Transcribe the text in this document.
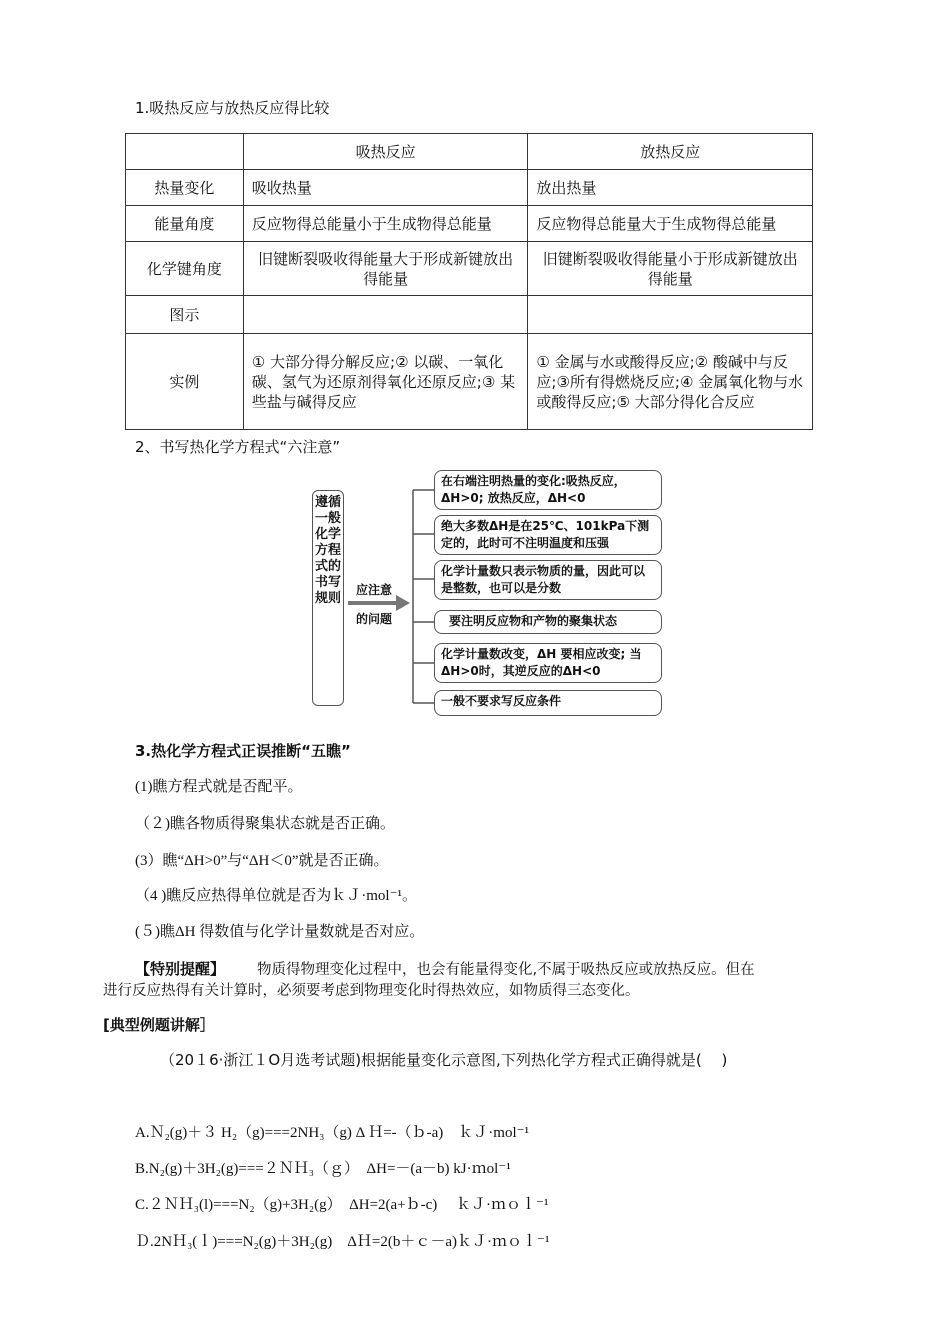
1.吸热反应与放热反应得比较
	吸热反应	放热反应
热量变化	吸收热量	放出热量
能量角度	反应物得总能量小于生成物得总能量	反应物得总能量大于生成物得总能量
化学键角度	旧键断裂吸收得能量大于形成新键放出得能量	旧键断裂吸收得能量小于形成新键放出得能量
图示		
实例	① 大部分得分解反应;② 以碳、一氧化碳、氢气为还原剂得氧化还原反应;③ 某些盐与碱得反应	① 金属与水或酸得反应;② 酸碱中与反应;③所有得燃烧反应;④ 金属氧化物与水或酸得反应;⑤ 大部分得化合反应
2、书写热化学方程式“六注意”
遵循一般化学方程式的书写规则
应注意
的问题
在右端注明热量的变化:吸热反应，ΔH>0; 放热反应，ΔH<0
绝大多数ΔH是在25℃、101kPa下测定的，此时可不注明温度和压强
化学计量数只表示物质的量，因此可以是整数，也可以是分数
要注明反应物和产物的聚集状态
化学计量数改变，ΔH 要相应改变; 当ΔH>0时，其逆反应的ΔH<0
一般不要求写反应条件
3.热化学方程式正误推断“五瞧”
(1)瞧方程式就是否配平。
（２)瞧各物质得聚集状态就是否正确。
(3）瞧“ΔH>0”与“ΔH＜0”就是否正确。
（4 )瞧反应热得单位就是否为ｋＪ·mol⁻¹。
(５)瞧ΔH 得数值与化学计量数就是否对应。
【特别提醒】 物质得物理变化过程中，也会有能量得变化,不属于吸热反应或放热反应。但在
进行反应热得有关计算时，必须要考虑到物理变化时得热效应，如物质得三态变化。
[典型例题讲解］
（20１6·浙江１O月选考试题)根据能量变化示意图,下列热化学方程式正确得就是(　 )
A.Ｎ₂(g)＋３ H₂（g)===2NH₃（g) Δ Ｈ=-（ｂ-a)　ｋＪ·mol⁻¹
B.N₂(g)＋3H₂(g)===２ＮＨ₃（ｇ）　ΔH=－(a－b) kJ·ｍol⁻¹
C.２ＮＨ₃(l)===N₂（g)+3H₂(g）　ΔH=2(a+ｂ-c)　 ｋＪ·ｍｏｌ⁻¹
Ｄ.2NＨ₃(ｌ)===N₂(g)＋3H₂(g)　ΔＨ=2(b＋ｃ－a)ｋＪ·ｍｏｌ⁻¹
